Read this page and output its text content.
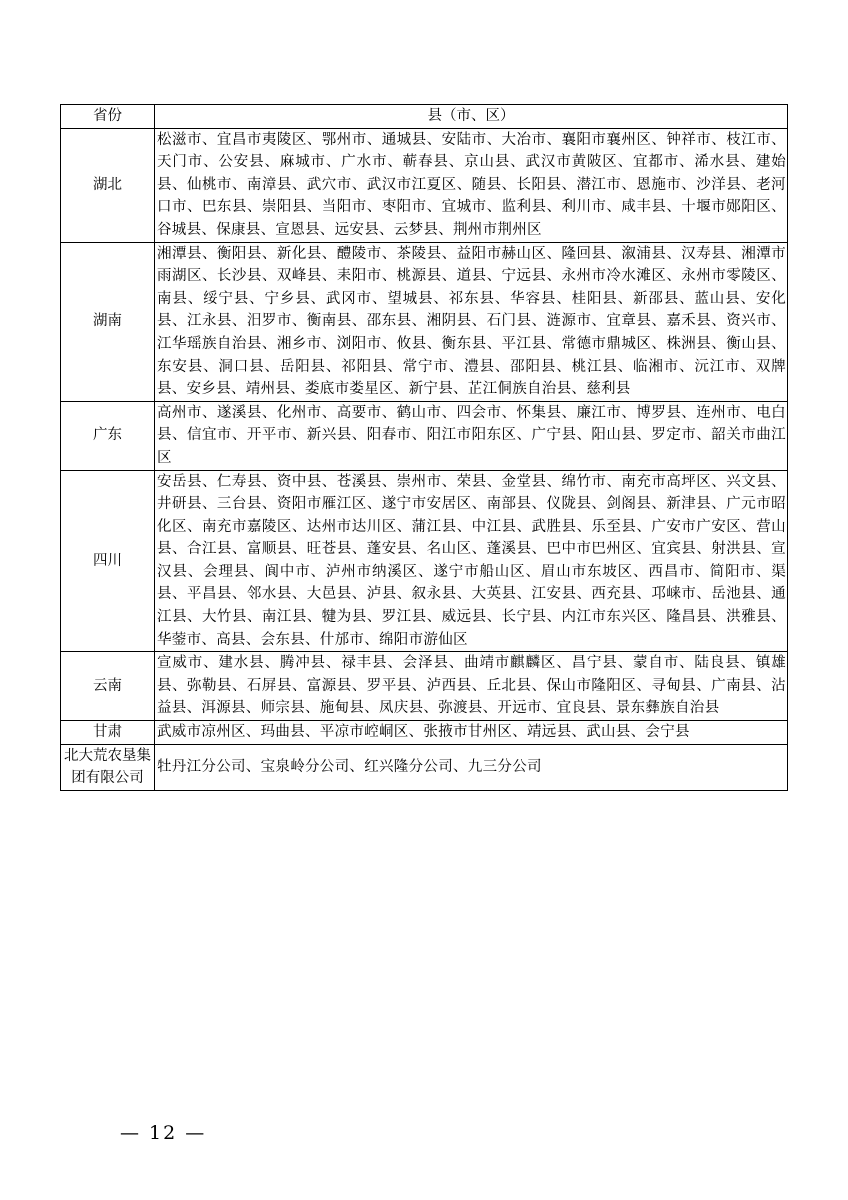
省份	县（市、区）
湖北	松滋市、宜昌市夷陵区、鄂州市、通城县、安陆市、大冶市、襄阳市襄州区、钟祥市、枝江市、天门市、公安县、麻城市、广水市、蕲春县、京山县、武汉市黄陂区、宜都市、浠水县、建始县、仙桃市、南漳县、武穴市、武汉市江夏区、随县、长阳县、潜江市、恩施市、沙洋县、老河口市、巴东县、崇阳县、当阳市、枣阳市、宜城市、监利县、利川市、咸丰县、十堰市郧阳区、谷城县、保康县、宣恩县、远安县、云梦县、荆州市荆州区
湖南	湘潭县、衡阳县、新化县、醴陵市、茶陵县、益阳市赫山区、隆回县、溆浦县、汉寿县、湘潭市雨湖区、长沙县、双峰县、耒阳市、桃源县、道县、宁远县、永州市冷水滩区、永州市零陵区、南县、绥宁县、宁乡县、武冈市、望城县、祁东县、华容县、桂阳县、新邵县、蓝山县、安化县、江永县、汨罗市、衡南县、邵东县、湘阴县、石门县、涟源市、宜章县、嘉禾县、资兴市、江华瑶族自治县、湘乡市、浏阳市、攸县、衡东县、平江县、常德市鼎城区、株洲县、衡山县、东安县、洞口县、岳阳县、祁阳县、常宁市、澧县、邵阳县、桃江县、临湘市、沅江市、双牌县、安乡县、靖州县、娄底市娄星区、新宁县、芷江侗族自治县、慈利县
广东	高州市、遂溪县、化州市、高要市、鹤山市、四会市、怀集县、廉江市、博罗县、连州市、电白县、信宜市、开平市、新兴县、阳春市、阳江市阳东区、广宁县、阳山县、罗定市、韶关市曲江区
四川	安岳县、仁寿县、资中县、苍溪县、崇州市、荣县、金堂县、绵竹市、南充市高坪区、兴文县、井研县、三台县、资阳市雁江区、遂宁市安居区、南部县、仪陇县、剑阁县、新津县、广元市昭化区、南充市嘉陵区、达州市达川区、蒲江县、中江县、武胜县、乐至县、广安市广安区、营山县、合江县、富顺县、旺苍县、蓬安县、名山区、蓬溪县、巴中市巴州区、宜宾县、射洪县、宣汉县、会理县、阆中市、泸州市纳溪区、遂宁市船山区、眉山市东坡区、西昌市、简阳市、渠县、平昌县、邻水县、大邑县、泸县、叙永县、大英县、江安县、西充县、邛崃市、岳池县、通江县、大竹县、南江县、犍为县、罗江县、威远县、长宁县、内江市东兴区、隆昌县、洪雅县、华蓥市、高县、会东县、什邡市、绵阳市游仙区
云南	宣威市、建水县、腾冲县、禄丰县、会泽县、曲靖市麒麟区、昌宁县、蒙自市、陆良县、镇雄县、弥勒县、石屏县、富源县、罗平县、泸西县、丘北县、保山市隆阳区、寻甸县、广南县、沾益县、洱源县、师宗县、施甸县、凤庆县、弥渡县、开远市、宜良县、景东彝族自治县
甘肃	武威市凉州区、玛曲县、平凉市崆峒区、张掖市甘州区、靖远县、武山县、会宁县
北大荒农垦集团有限公司	牡丹江分公司、宝泉岭分公司、红兴隆分公司、九三分公司
— 12 —
